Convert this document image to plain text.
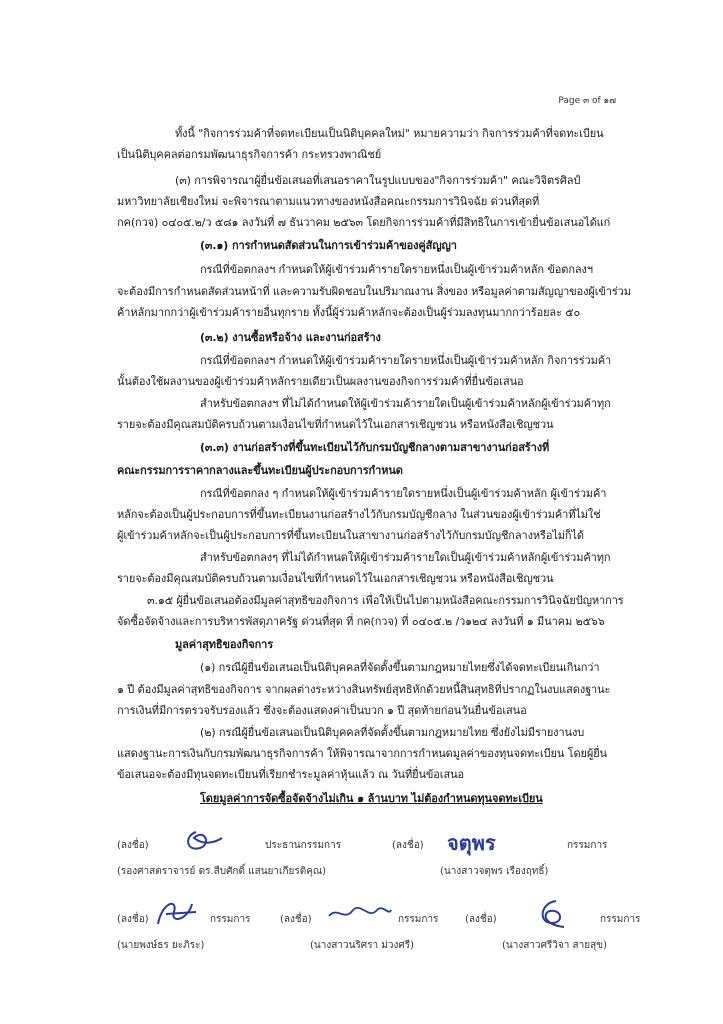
Page ๓ of ๑๗
ทั้งนี้ "กิจการร่วมค้าที่จดทะเบียนเป็นนิติบุคคลใหม่" หมายความว่า กิจการร่วมค้าที่จดทะเบียน
เป็นนิติบุคคลต่อกรมพัฒนาธุรกิจการค้า กระทรวงพาณิชย์
(๓) การพิจารณาผู้ยื่นข้อเสนอที่เสนอราคาในรูปแบบของ"กิจการร่วมค้า" คณะวิจิตรศิลป์
มหาวิทยาลัยเชียงใหม่ จะพิจารณาตามแนวทางของหนังสือคณะกรรมการวินิจฉัย ด่วนที่สุดที่
กค(กวจ) ๐๔๐๕.๒/ว ๕๘๑ ลงวันที่ ๗ ธันวาคม ๒๕๖๓ โดยกิจการร่วมค้าที่มีสิทธิในการเข้ายื่นข้อเสนอได้แก่
(๓.๑) การกำหนดสัดส่วนในการเข้าร่วมค้าของคู่สัญญา
กรณีที่ข้อตกลงฯ กำหนดให้ผู้เข้าร่วมค้ารายใดรายหนึ่งเป็นผู้เข้าร่วมค้าหลัก ข้อตกลงฯ
จะต้องมีการกำหนดสัดส่วนหน้าที่ และความรับผิดชอบในปริมาณงาน สิ่งของ หรือมูลค่าตามสัญญาของผู้เข้าร่วม
ค้าหลักมากกว่าผู้เข้าร่วมค้ารายอื่นทุกราย ทั้งนี้ผู้ร่วมค้าหลักจะต้องเป็นผู้ร่วมลงทุนมากกว่าร้อยละ ๕๐
(๓.๒) งานซื้อหรือจ้าง และงานก่อสร้าง
กรณีที่ข้อตกลงฯ กำหนดให้ผู้เข้าร่วมค้ารายใดรายหนึ่งเป็นผู้เข้าร่วมค้าหลัก กิจการร่วมค้า
นั้นต้องใช้ผลงานของผู้เข้าร่วมค้าหลักรายเดียวเป็นผลงานของกิจการร่วมค้าที่ยื่นข้อเสนอ
สำหรับข้อตกลงฯ ที่ไม่ได้กำหนดให้ผู้เข้าร่วมค้ารายใดเป็นผู้เข้าร่วมค้าหลักผู้เข้าร่วมค้าทุก
รายจะต้องมีคุณสมบัติครบถ้วนตามเงื่อนไขที่กำหนดไว้ในเอกสารเชิญชวน หรือหนังสือเชิญชวน
(๓.๓) งานก่อสร้างที่ขึ้นทะเบียนไว้กับกรมบัญชีกลางตามสาขางานก่อสร้างที่
คณะกรรมการราคากลางและขึ้นทะเบียนผู้ประกอบการกำหนด
กรณีที่ข้อตกลง ๆ กำหนดให้ผู้เข้าร่วมค้ารายใดรายหนึ่งเป็นผู้เข้าร่วมค้าหลัก ผู้เข้าร่วมค้า
หลักจะต้องเป็นผู้ประกอบการที่ขึ้นทะเบียนงานก่อสร้างไว้กับกรมบัญชีกลาง ในส่วนของผู้เข้าร่วมค้าที่ไม่ใช่
ผู้เข้าร่วมค้าหลักจะเป็นผู้ประกอบการที่ขึ้นทะเบียนในสาขางานก่อสร้างไว้กับกรมบัญชีกลางหรือไม่ก็ได้
สำหรับข้อตกลงๆ ที่ไม่ได้กำหนดให้ผู้เข้าร่วมค้ารายใดเป็นผู้เข้าร่วมค้าหลักผู้เข้าร่วมค้าทุก
รายจะต้องมีคุณสมบัติครบถ้วนตามเงื่อนไขที่กำหนดไว้ในเอกสารเชิญชวน หรือหนังสือเชิญชวน
๓.๑๕ ผู้ยื่นข้อเสนอต้องมีมูลค่าสุทธิของกิจการ เพื่อให้เป็นไปตามหนังสือคณะกรรมการวินิจฉัยปัญหาการ
จัดซื้อจัดจ้างและการบริหารพัสดุภาครัฐ ด่วนที่สุด ที่ กค(กวจ) ที่ ๐๔๐๕.๒ /ว๑๒๔ ลงวันที่ ๑ มีนาคม ๒๕๖๖
มูลค่าสุทธิของกิจการ
(๑) กรณีผู้ยื่นข้อเสนอเป็นนิติบุคคลที่จัดตั้งขึ้นตามกฎหมายไทยซึ่งได้จดทะเบียนเกินกว่า
๑ ปี ต้องมีมูลค่าสุทธิของกิจการ จากผลต่างระหว่างสินทรัพย์สุทธิหักด้วยหนี้สินสุทธิที่ปรากฏในงบแสดงฐานะ
การเงินที่มีการตรวจรับรองแล้ว ซึ่งจะต้องแสดงค่าเป็นบวก ๑ ปี สุดท้ายก่อนวันยื่นข้อเสนอ
(๒) กรณีผู้ยื่นข้อเสนอเป็นนิติบุคคลที่จัดตั้งขึ้นตามกฎหมายไทย ซึ่งยังไม่มีรายงานงบ
แสดงฐานะการเงินกับกรมพัฒนาธุรกิจการค้า ให้พิจารณาจากการกำหนดมูลค่าของทุนจดทะเบียน โดยผู้ยื่น
ข้อเสนอจะต้องมีทุนจดทะเบียนที่เรียกชำระมูลค่าหุ้นแล้ว ณ วันที่ยื่นข้อเสนอ
โดยมูลค่าการจัดซื้อจัดจ้างไม่เกิน ๑ ล้านบาท ไม่ต้องกำหนดทุนจดทะเบียน
(ลงชื่อ)	ประธานกรรมการ	(ลงชื่อ) จตุพร	กรรมการ
(รองศาสตราจารย์ ดร.สืบศักดิ์ แสนยาเกียรติคุณ)	(นางสาวจตุพร เรืองฤทธิ์)
(ลงชื่อ)	กรรมการ	(ลงชื่อ)	กรรมการ	(ลงชื่อ)	กรรมการ
(นายพงษ์ธร ยะภิระ)	(นางสาวนริศรา ม่วงศรี)	(นางสาวศรีวิจา สายสุข)
